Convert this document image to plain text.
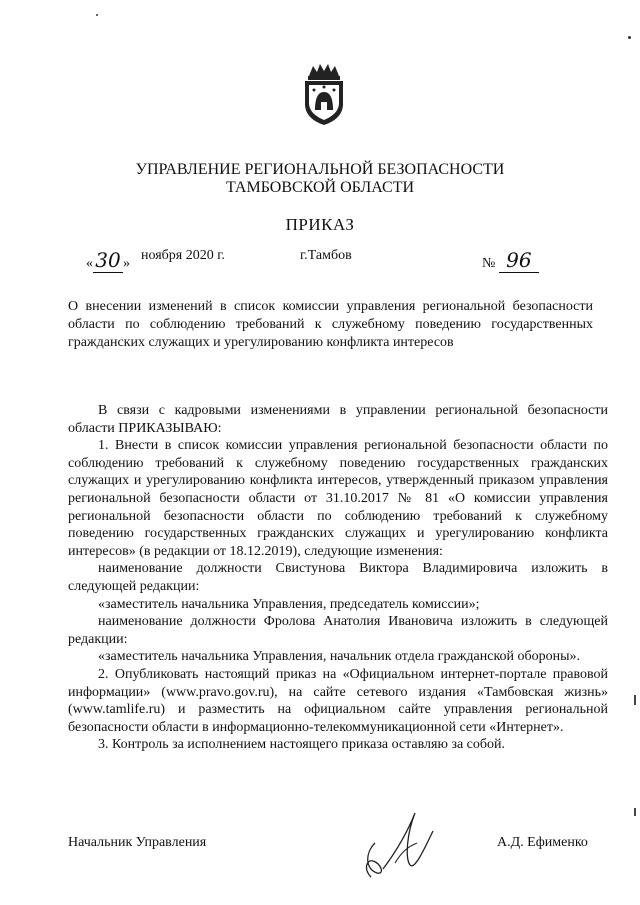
УПРАВЛЕНИЕ РЕГИОНАЛЬНОЙ БЕЗОПАСНОСТИ
ТАМБОВСКОЙ ОБЛАСТИ
ПРИКАЗ
« 30 »
ноября 2020 г.	г.Тамбов
№ 96
О внесении изменений в список комиссии управления региональной безопасности области по соблюдению требований к служебному поведению государственных гражданских служащих и урегулированию конфликта интересов

В связи с кадровыми изменениями в управлении региональной безопасности области ПРИКАЗЫВАЮ:

1. Внести в список комиссии управления региональной безопасности области по соблюдению требований к служебному поведению государственных гражданских служащих и урегулированию конфликта интересов, утвержденный приказом управления региональной безопасности области от 31.10.2017 № 81 «О комиссии управления региональной безопасности области по соблюдению требований к служебному поведению государственных гражданских служащих и урегулированию конфликта интересов» (в редакции от 18.12.2019), следующие изменения:

наименование должности Свистунова Виктора Владимировича изложить в следующей редакции:

«заместитель начальника Управления, председатель комиссии»;

наименование должности Фролова Анатолия Ивановича изложить в следующей редакции:

«заместитель начальника Управления, начальник отдела гражданской обороны».

2. Опубликовать настоящий приказ на «Официальном интернет-портале правовой информации» (www.pravo.gov.ru), на сайте сетевого издания «Тамбовская жизнь» (www.tamlife.ru) и разместить на официальном сайте управления региональной безопасности области в информационно-телекоммуникационной сети «Интернет».

3. Контроль за исполнением настоящего приказа оставляю за собой.

Начальник Управления	А.Д. Ефименко
